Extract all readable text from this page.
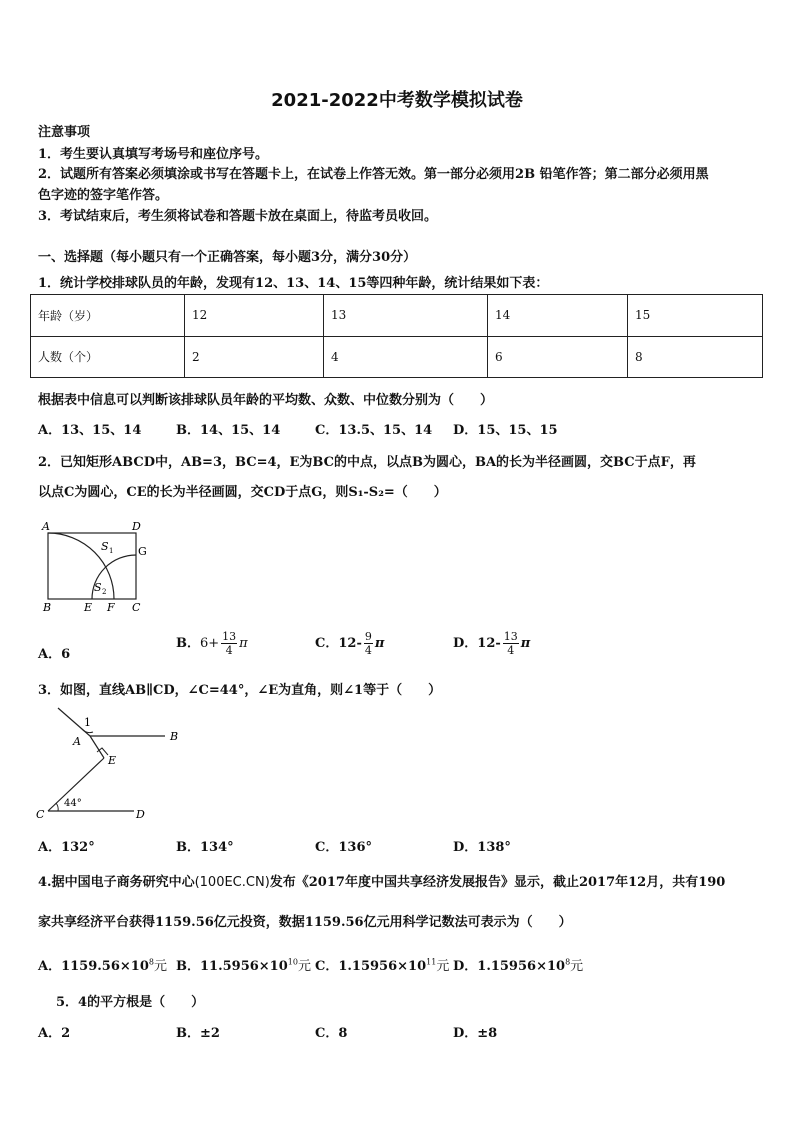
2021-2022中考数学模拟试卷
注意事项
1．考生要认真填写考场号和座位序号。
2．试题所有答案必须填涂或书写在答题卡上，在试卷上作答无效。第一部分必须用2B 铅笔作答；第二部分必须用黑
色字迹的签字笔作答。
3．考试结束后，考生须将试卷和答题卡放在桌面上，待监考员收回。
一、选择题（每小题只有一个正确答案，每小题3分，满分30分）
1．统计学校排球队员的年龄，发现有12、13、14、15等四种年龄，统计结果如下表：
年龄（岁）	12	13	14	15
人数（个）	2	4	6	8
根据表中信息可以判断该排球队员年龄的平均数、众数、中位数分别为（　　）
A．13、15、14	B．14、15、14	C．13.5、15、14 D．15、15、15
2．已知矩形ABCD中，AB=3，BC=4，E为BC的中点，以点B为圆心，BA的长为半径画圆，交BC于点F，再
以点C为圆心，CE的长为半径画圆，交CD于点G，则S₁-S₂=（　　）
A	D
G
B	E F C
S 1
S 2
A．6
B．$6+ \frac{13}{4}$ π	C．$12- \frac{9}{4}$ π	D．$12- \frac{13}{4}$ π
3．如图，直线AB∥CD，∠C=44°，∠E为直角，则∠1等于（　　）
1
A	B
E
C	D
44°
A．132°	B．134°	C．136°	D．138°
4.据中国电子商务研究中心(100EC.CN)发布《2017年度中国共享经济发展报告》显示，截止2017年12月，共有190
家共享经济平台获得1159.56亿元投资，数据1159.56亿元用科学记数法可表示为（　　）
A．$1159.56\times 10^8$元 B．$11.5956\times 10^{10}$元 C．$1.15956\times 10^{11}$元 D．$1.15956\times 10^8$元
5．4的平方根是（　　）
A．2	B．±2	C．8	D．±8
